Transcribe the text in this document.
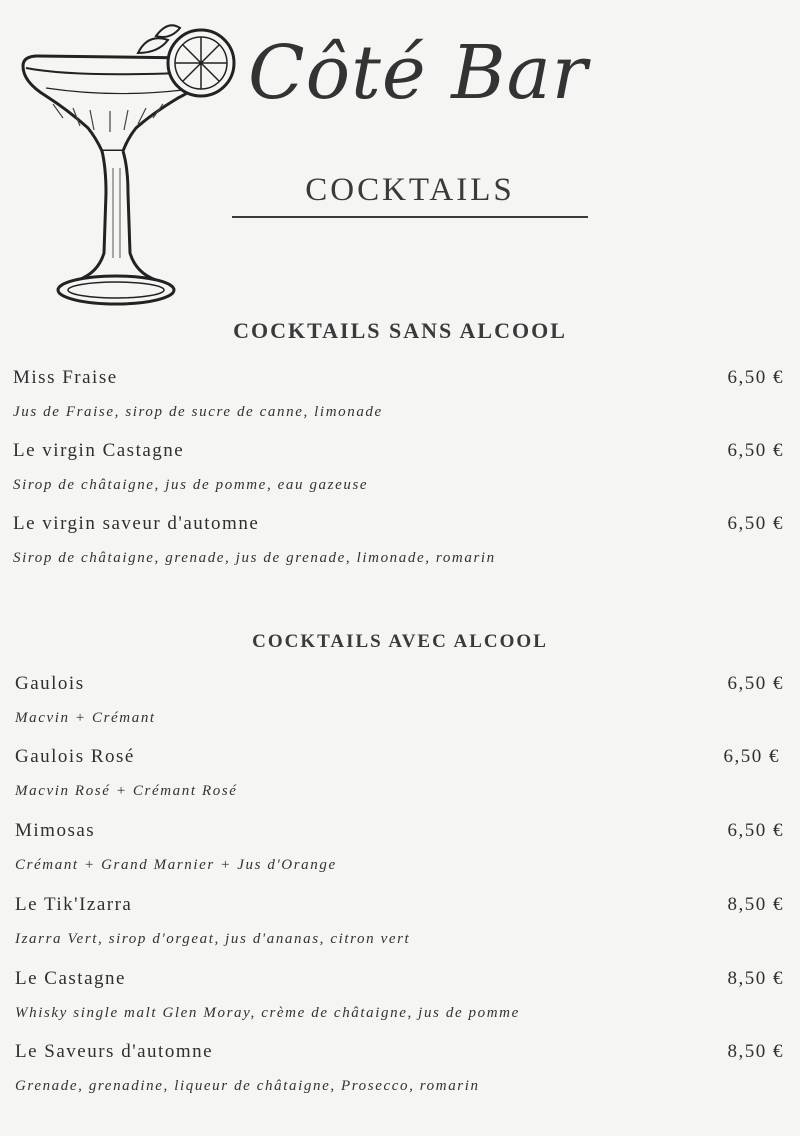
Côté Bar
COCKTAILS
COCKTAILS SANS ALCOOL
Miss Fraise	6,50 €
Jus de Fraise, sirop de sucre de canne, limonade
Le virgin Castagne	6,50 €
Sirop de châtaigne, jus de pomme, eau gazeuse
Le virgin saveur d'automne	6,50 €
Sirop de châtaigne, grenade, jus de grenade, limonade, romarin
COCKTAILS AVEC ALCOOL
Gaulois	6,50 €
Macvin + Crémant
Gaulois Rosé	6,50 €
Macvin Rosé + Crémant Rosé
Mimosas	6,50 €
Crémant + Grand Marnier + Jus d'Orange
Le Tik'Izarra	8,50 €
Izarra Vert, sirop d'orgeat, jus d'ananas, citron vert
Le Castagne	8,50 €
Whisky single malt Glen Moray, crème de châtaigne, jus de pomme
Le Saveurs d'automne	8,50 €
Grenade, grenadine, liqueur de châtaigne, Prosecco, romarin
